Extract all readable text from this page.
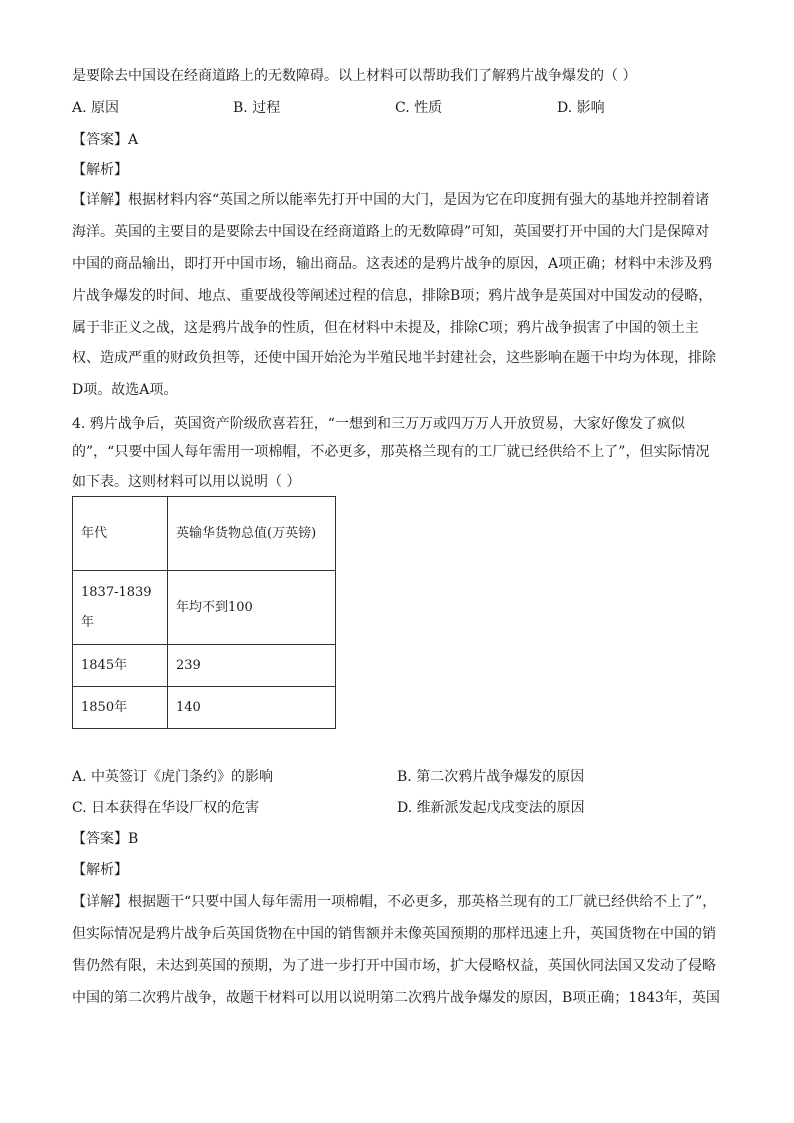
是要除去中国设在经商道路上的无数障碍。以上材料可以帮助我们了解鸦片战争爆发的（ ）
A. 原因	B. 过程	C. 性质	D. 影响
【答案】A
【解析】
【详解】根据材料内容“英国之所以能率先打开中国的大门，是因为它在印度拥有强大的基地并控制着诸
海洋。英国的主要目的是要除去中国设在经商道路上的无数障碍”可知，英国要打开中国的大门是保障对
中国的商品输出，即打开中国市场，输出商品。这表述的是鸦片战争的原因，A项正确；材料中未涉及鸦
片战争爆发的时间、地点、重要战役等阐述过程的信息，排除B项；鸦片战争是英国对中国发动的侵略，
属于非正义之战，这是鸦片战争的性质，但在材料中未提及，排除C项；鸦片战争损害了中国的领土主
权、造成严重的财政负担等，还使中国开始沦为半殖民地半封建社会，这些影响在题干中均为体现，排除
D项。故选A项。
4. 鸦片战争后，英国资产阶级欣喜若狂，“一想到和三万万或四万万人开放贸易，大家好像发了疯似
的”，“只要中国人每年需用一项棉帽，不必更多，那英格兰现有的工厂就已经供给不上了”，但实际情况
如下表。这则材料可以用以说明（ ）
年代	英输华货物总值(万英镑)
1837-1839年	年均不到100
1845年	239
1850年	140
A. 中英签订《虎门条约》的影响	B. 第二次鸦片战争爆发的原因
C. 日本获得在华设厂权的危害	D. 维新派发起戊戌变法的原因
【答案】B
【解析】
【详解】根据题干“只要中国人每年需用一项棉帽，不必更多，那英格兰现有的工厂就已经供给不上了”，
但实际情况是鸦片战争后英国货物在中国的销售额并未像英国预期的那样迅速上升，英国货物在中国的销
售仍然有限，未达到英国的预期，为了进一步打开中国市场，扩大侵略权益，英国伙同法国又发动了侵略
中国的第二次鸦片战争，故题干材料可以用以说明第二次鸦片战争爆发的原因，B项正确；1843年，英国
